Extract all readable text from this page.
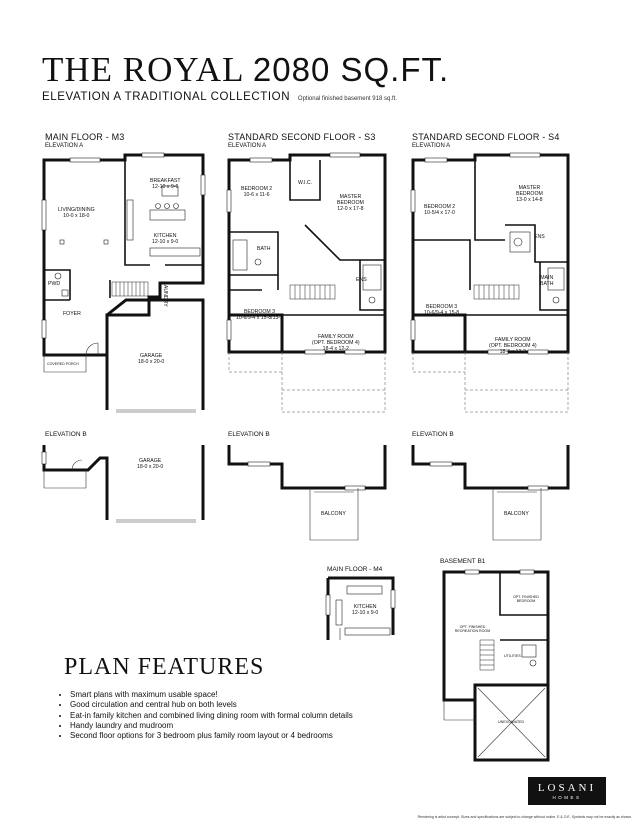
THE ROYAL 2080 SQ.FT.
ELEVATION A TRADITIONAL COLLECTION Optional finished basement 918 sq.ft.
MAIN FLOOR - M3
ELEVATION A
STANDARD SECOND FLOOR - S3
ELEVATION A
STANDARD SECOND FLOOR - S4
ELEVATION A
BREAKFAST
12-10 x 9-6
LIVING/DINING
10-0 x 18-0
KITCHEN
12-10 x 9-0
PWD	LAUNDRY
FOYER
GARAGE
18-0 x 20-0
COVERED PORCH
BEDROOM 2
10-6 x 11-6
W.I.C.
MASTER
BEDROOM
12-0 x 17-8
BATH
ENS
BEDROOM 3
10-6/9-4 x 15-8/13-2
FAMILY ROOM
(OPT. BEDROOM 4)
18-4 x 12-2
BEDROOM 2
10-5/4 x 17-0
MASTER
BEDROOM
13-0 x 14-8
ENS
MAIN
BATH
BEDROOM 3
10-6/9-4 x 15-8
FAMILY ROOM
(OPT. BEDROOM 4)
18-4 x 12-2
ELEVATION B	ELEVATION B	ELEVATION B
GARAGE
18-0 x 20-0
BALCONY	BALCONY
MAIN FLOOR - M4
KITCHEN
12-10 x 9-0
BASEMENT B1
OPT. FINISHED BEDROOM
OPT. FINISHED RECREATION ROOM
UTILITIES
UNEXCAVATED
PLAN FEATURES
• Smart plans with maximum usable space!
• Good circulation and central hub on both levels
• Eat-in family kitchen and combined living dining room with formal column details
• Handy laundry and mudroom
• Second floor options for 3 bedroom plus family room layout or 4 bedrooms
LOSANI
HOMES
Rendering is artist concept. Sizes and specifications are subject to change without notice. E.& O.E. Symbols may not be exactly as shown.
